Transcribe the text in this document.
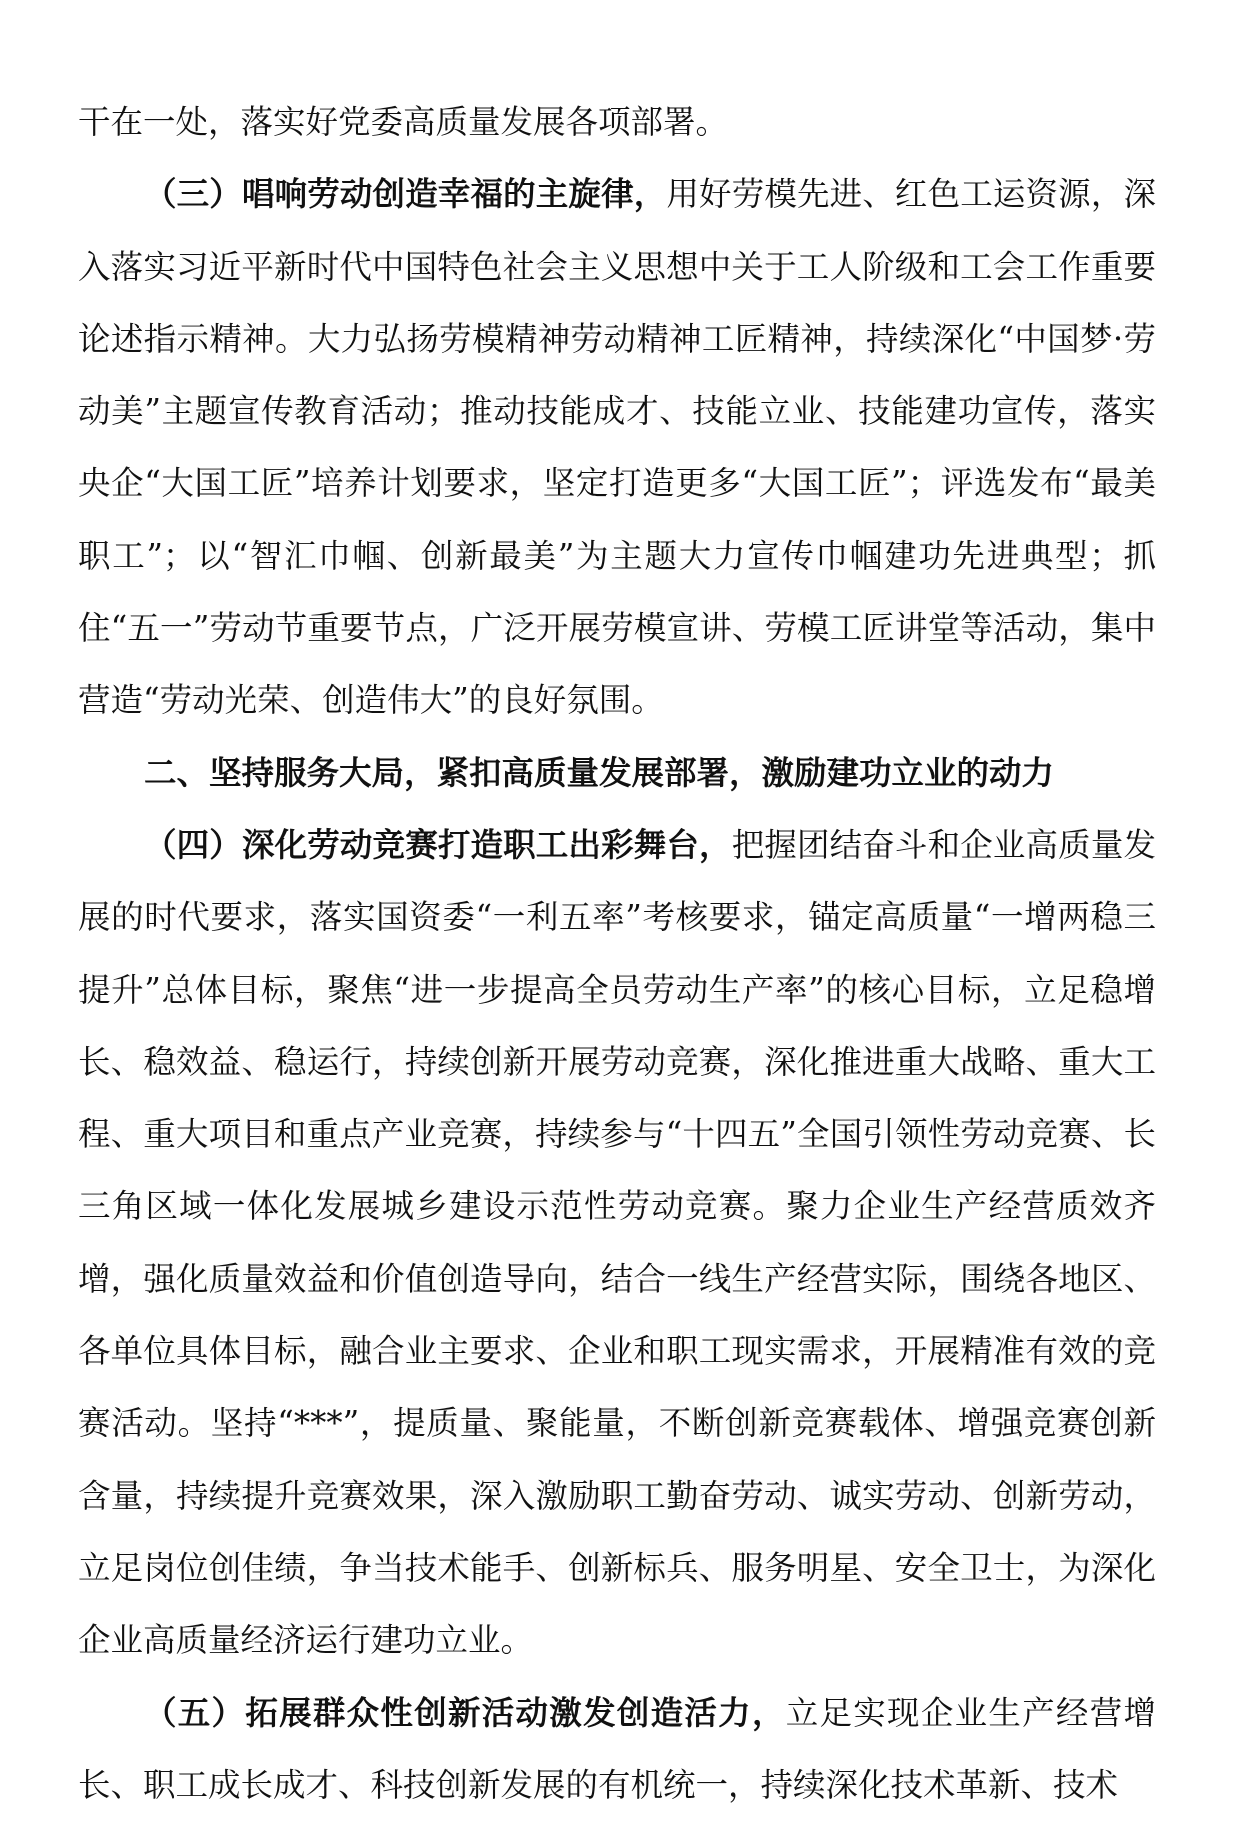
干在一处，落实好党委高质量发展各项部署。

（三）唱响劳动创造幸福的主旋律，用好劳模先进、红色工运资源，深入落实习近平新时代中国特色社会主义思想中关于工人阶级和工会工作重要论述指示精神。大力弘扬劳模精神劳动精神工匠精神，持续深化“中国梦·劳动美”主题宣传教育活动；推动技能成才、技能立业、技能建功宣传，落实央企“大国工匠”培养计划要求，坚定打造更多“大国工匠”；评选发布“最美职工”；以“智汇巾帼、创新最美”为主题大力宣传巾帼建功先进典型；抓住“五一”劳动节重要节点，广泛开展劳模宣讲、劳模工匠讲堂等活动，集中营造“劳动光荣、创造伟大”的良好氛围。

二、坚持服务大局，紧扣高质量发展部署，激励建功立业的动力

（四）深化劳动竞赛打造职工出彩舞台，把握团结奋斗和企业高质量发展的时代要求，落实国资委“一利五率”考核要求，锚定高质量“一增两稳三提升”总体目标，聚焦“进一步提高全员劳动生产率”的核心目标，立足稳增长、稳效益、稳运行，持续创新开展劳动竞赛，深化推进重大战略、重大工程、重大项目和重点产业竞赛，持续参与“十四五”全国引领性劳动竞赛、长三角区域一体化发展城乡建设示范性劳动竞赛。聚力企业生产经营质效齐增，强化质量效益和价值创造导向，结合一线生产经营实际，围绕各地区、各单位具体目标，融合业主要求、企业和职工现实需求，开展精准有效的竞赛活动。坚持“***”，提质量、聚能量，不断创新竞赛载体、增强竞赛创新含量，持续提升竞赛效果，深入激励职工勤奋劳动、诚实劳动、创新劳动，立足岗位创佳绩，争当技术能手、创新标兵、服务明星、安全卫士，为深化企业高质量经济运行建功立业。

（五）拓展群众性创新活动激发创造活力，立足实现企业生产经营增长、职工成长成才、科技创新发展的有机统一，持续深化技术革新、技术
